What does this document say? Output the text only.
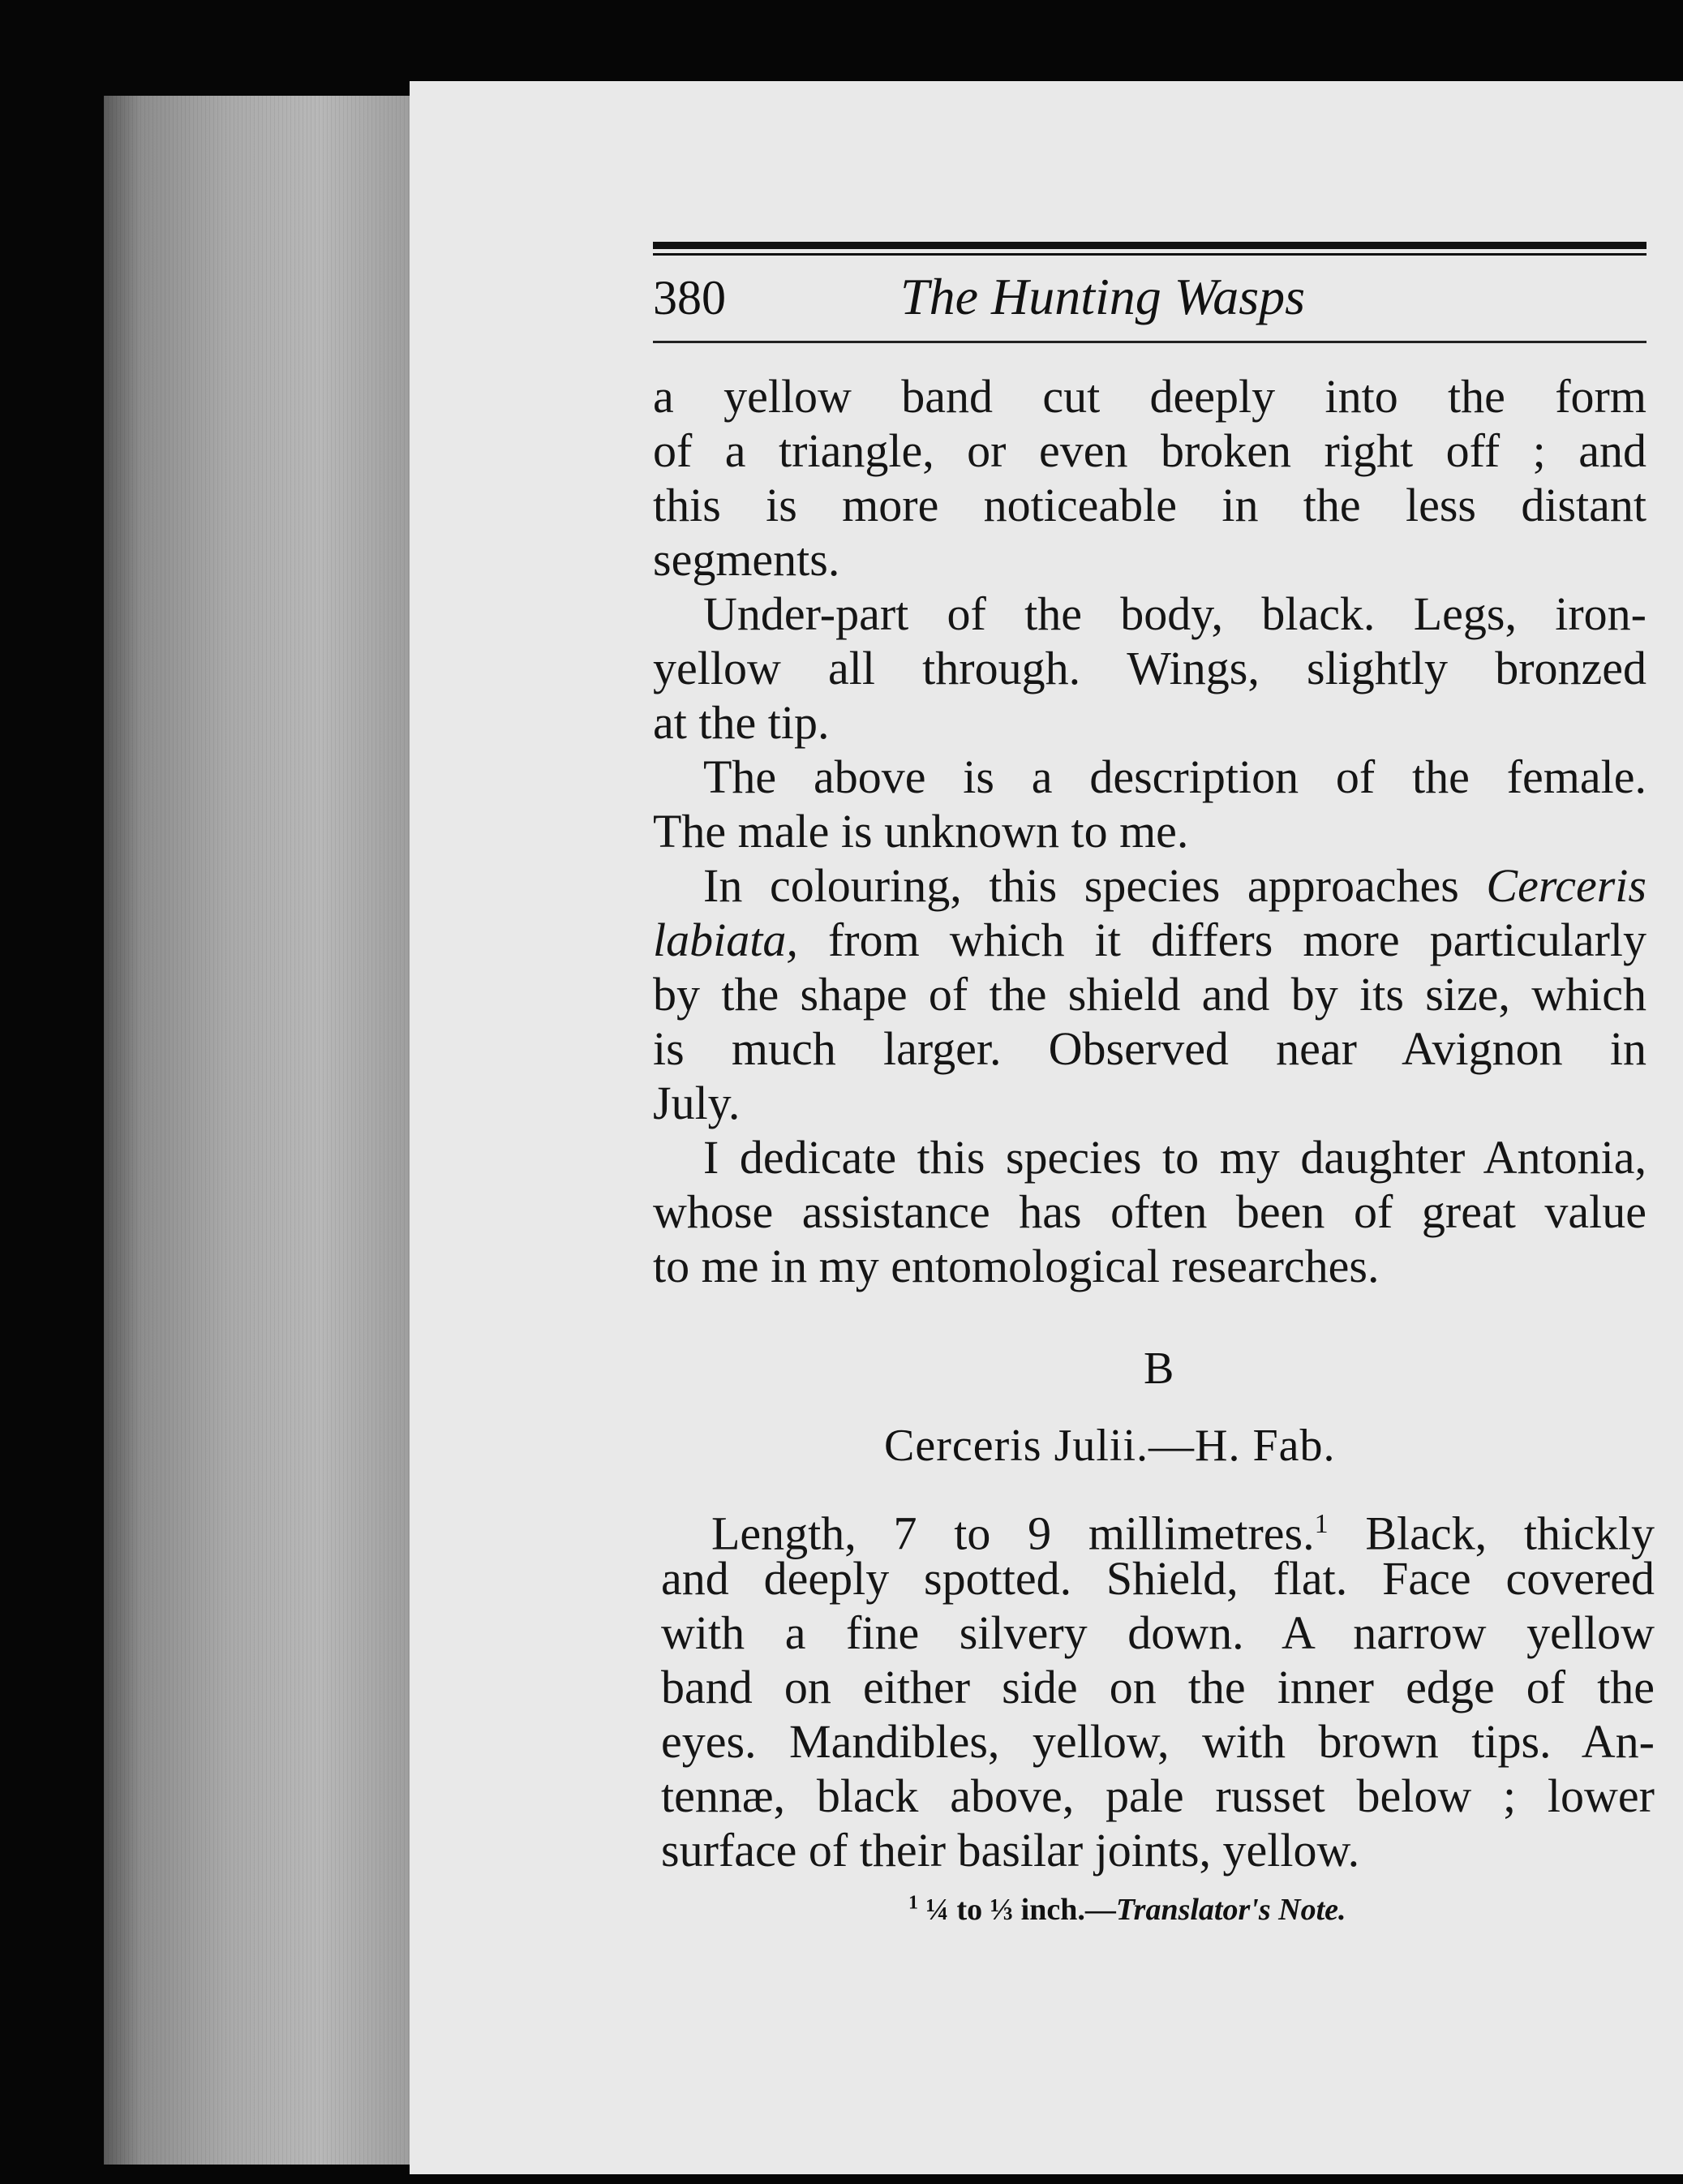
380	The Hunting Wasps
a yellow band cut deeply into the form
of a triangle, or even broken right off ; and
this is more noticeable in the less distant
segments.
Under-part of the body, black. Legs, iron-
yellow all through. Wings, slightly bronzed
at the tip.
The above is a description of the female.
The male is unknown to me.
In colouring, this species approaches Cerceris
labiata, from which it differs more particularly
by the shape of the shield and by its size, which
is much larger. Observed near Avignon in
July.
I dedicate this species to my daughter Antonia,
whose assistance has often been of great value
to me in my entomological researches.
B
Cerceris Julii.—H. Fab.
Length, 7 to 9 millimetres.$^1$ Black, thickly
and deeply spotted. Shield, flat. Face covered
with a fine silvery down. A narrow yellow
band on either side on the inner edge of the
eyes. Mandibles, yellow, with brown tips. An-
tennæ, black above, pale russet below ; lower
surface of their basilar joints, yellow.
$^1$ ¼ to ⅓ inch.—Translator's Note.
